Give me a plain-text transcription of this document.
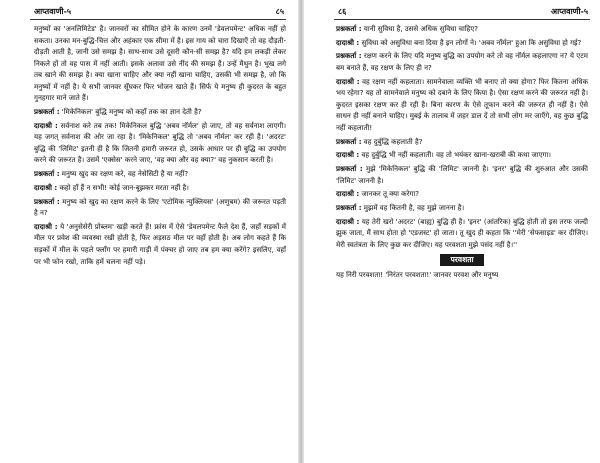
आप्तवाणी-५	८५

मनुष्यों का 'अनलिमिटेड' है। जानवरों का सीमित होने के कारण उनमें 'डेवलपमेन्ट' अधिक नहीं हो सकता। उनका मन-बुद्धि-चित्त और अहंकार एक सीमा में है। इस गाय को चारा दिखाएँ तो वह दौड़ती-दौड़ती आती है, जानी उसे समझ है। साथ-साथ उसे दूसरी कौन-सी समझ है? यदि हम लकड़ी लेकर निकले हों तो वह पास में नहीं आती। इसके अलावा उसे नींद की समझ है। उन्हें मैथुन है। भूख लगे तब खाने की समझ है। क्या खाना चाहिए और क्या नहीं खाना चाहिए, उसकी भी समझ है, जो कि मनुष्यों में नहीं है। ये सभी जानवर सूँघकर फिर भोजन खाते हैं। सिर्फ ये मनुष्य ही कुदरत के बहुत गुनहगार माने जाते हैं।

प्रश्नकर्ता : 'मिकेनिकल' बुद्धि मनुष्य को कहाँ तक का ज्ञान देती है?

दादाश्री : सर्वनाश करे तब तक! मिकेनिकल बुद्धि 'अबव नॉर्मल' हो जाए, तो वह सर्वनाश लाएगी। यह जगत् सर्वनाश की ओर जा रहा है। 'मिकेनिकल' बुद्धि तो 'अबव नॉर्मल' कर रही है। 'अदरट' बुद्धि की 'लिमिट' इतनी ही है कि जितनी हमारी जरूरत हो, उसके आधार पर ही बुद्धि का उपयोग करने की जरूरत है। उसमें 'एक्सेस' करने जाए, 'वह क्या और वह क्या?' वह नुकसान करती है।

प्रश्नकर्ता : मनुष्य खुद का रक्षण करे, वह नेसेसिटी है या नहीं?

दादाश्री : कहो हाँ हैं न सभी! कोई जान-बूझकर मरता नहीं है।

प्रश्नकर्ता : मनुष्य को खुद का रक्षण करने के लिए 'एटोमिक न्युक्लियस' (अणुबम) की जरूरत पड़ती है न?

दादाश्री : ये 'अनुसेसेरी प्रोब्लम' खड़ी करते हैं! फ्रांस में ऐसे 'डेवलपमेन्ट फैले देश हैं, जहाँ सड़कों में मील पर प्रवेश की व्यवस्था रखी होती है, फिर अड़सठ मील पर वहाँ होती है। अब लोग कहते हैं कि सड़कों में मील के पहले फ्लाँग पर हमारी गाड़ी में पंक्चर हो जाए तब हम क्या करेंगे? इसलिए, वहाँ पर भी फोन रखो, ताकि हमें चलना नहीं पड़े।

८६	आप्तवाणी-५

प्रश्नकर्ता : यानी सुविधा है, उससे अधिक सुविधा चाहिए?

दादाश्री : सुविधा को असुविधा बना दिया है इन लोगों ने। 'अबव नॉर्मल' हुआ कि असुविधा हो गई?

प्रश्नकर्ता : रक्षण करने के लिए यदि मनुष्य बुद्धि का उपयोग करे तो वह नॉर्मल कहलाएगा न? ये एटम बम बनाते हैं, वह रक्षण के लिए ही न?

दादाश्री : वह रक्षण नहीं कहलाता। सामनेवाला व्यक्ति भी बनाए तो क्या होगा? फिर कितना अधिक भय रहेगा? यह तो सामनेवाले मनुष्य को दबाने के लिए किया है। ऐसा रक्षण करने की जरूरत नहीं है। कुदरत इसका रक्षण कर ही रही है। बिना कारण के ऐसे तूफान करने की जरूरत ही नहीं है। ऐसे साधन ही नहीं बनाने चाहिए। मुबई के तालाब में जहर डाल दें तो सभी लोग मर जाएँगे, वह कुछ बुद्धि नहीं कहलाती!

प्रश्नकर्ता : वह दुर्बुद्धि कहलाती है?

दादाश्री : वह दुर्बुद्धि भी नहीं कहलाती। वह तो भयंकर खाना-खराबी की कथा जाएगा।

प्रश्नकर्ता : मुझे 'मिकेनिकल' बुद्धि की 'लिमिट' जाननी है। 'इनर' बुद्धि की शुरुआत और उसकी 'लिमिट' जाननी है।

दादाश्री : जानकर तू क्या करेगा?

प्रश्नकर्ता : मुझमें वह कितनी है, वह मुझे जानना है।

दादाश्री : यह तेरी खरो 'अदरट' (बाह्य) बुद्धि ही है। 'इनर' (आंतरिक) बुद्धि होती तो इस तरफ जल्दी झुक जाता, मैं साथ होता हो 'एडजस्ट' हो जाता। तू खुद ही कहता कि ''मेरी 'सेफसाइड' कर दीजिए। मेरी स्वतंत्रता के लिए कुछ कर दीजिए। यह परवशता मुझे पसंद नहीं है।''

परवशता

यह निरी परवशता! 'निरंतर परवशता!' जानवर परवश और मनुष्य
